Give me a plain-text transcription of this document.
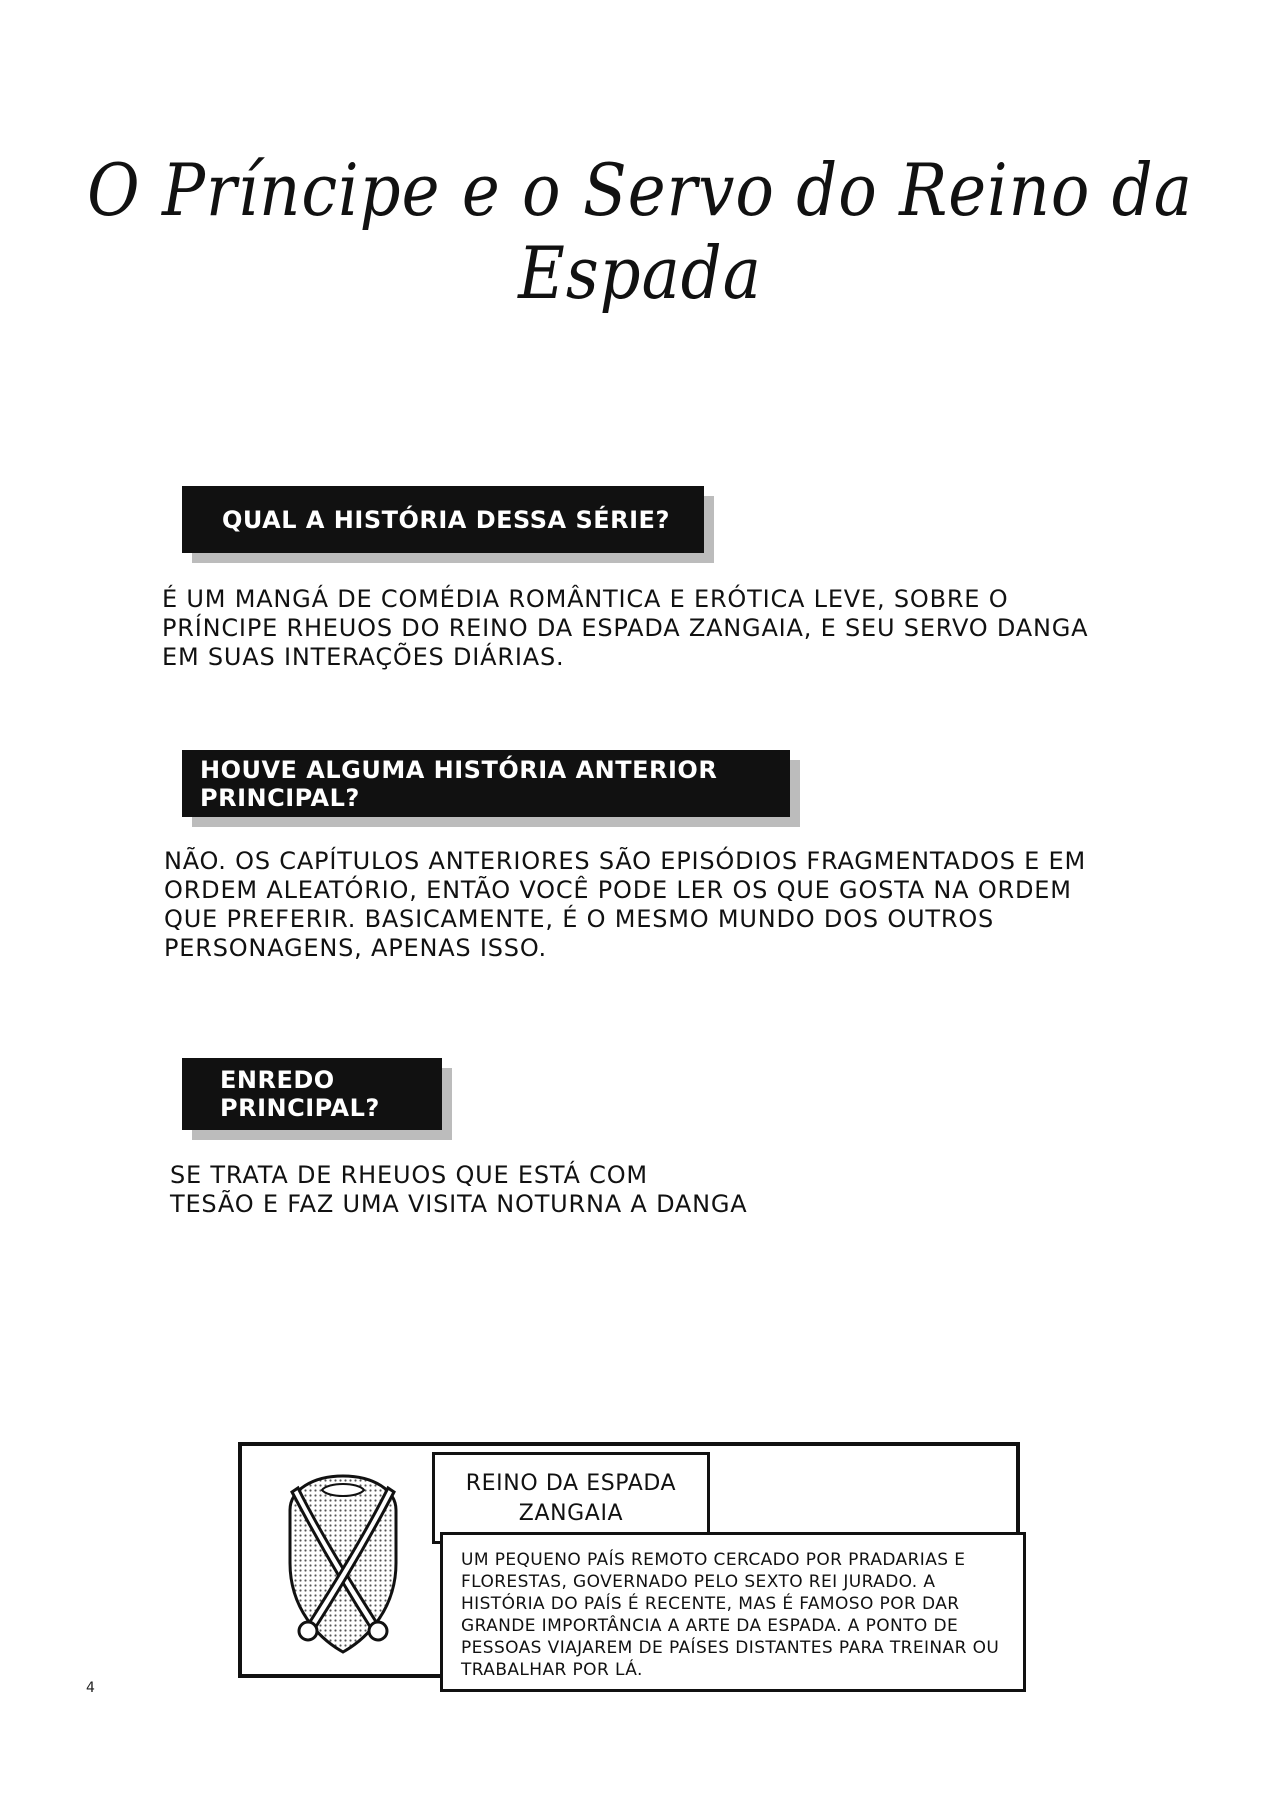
O Príncipe e o Servo do Reino da Espada
QUAL A HISTÓRIA DESSA SÉRIE?
É UM MANGÁ DE COMÉDIA ROMÂNTICA E ERÓTICA LEVE, SOBRE O PRÍNCIPE RHEUOS DO REINO DA ESPADA ZANGAIA, E SEU SERVO DANGA EM SUAS INTERAÇÕES DIÁRIAS.
HOUVE ALGUMA HISTÓRIA ANTERIOR PRINCIPAL?
NÃO. OS CAPÍTULOS ANTERIORES SÃO EPISÓDIOS FRAGMENTADOS E EM ORDEM ALEATÓRIO, ENTÃO VOCÊ PODE LER OS QUE GOSTA NA ORDEM QUE PREFERIR. BASICAMENTE, É O MESMO MUNDO DOS OUTROS PERSONAGENS, APENAS ISSO.
ENREDO
PRINCIPAL?
SE TRATA DE RHEUOS QUE ESTÁ COM
TESÃO E FAZ UMA VISITA NOTURNA A DANGA
REINO DA ESPADA
ZANGAIA
UM PEQUENO PAÍS REMOTO CERCADO POR PRADARIAS E FLORESTAS, GOVERNADO PELO SEXTO REI JURADO. A HISTÓRIA DO PAÍS É RECENTE, MAS É FAMOSO POR DAR GRANDE IMPORTÂNCIA A ARTE DA ESPADA. A PONTO DE PESSOAS VIAJAREM DE PAÍSES DISTANTES PARA TREINAR OU TRABALHAR POR LÁ.
4
